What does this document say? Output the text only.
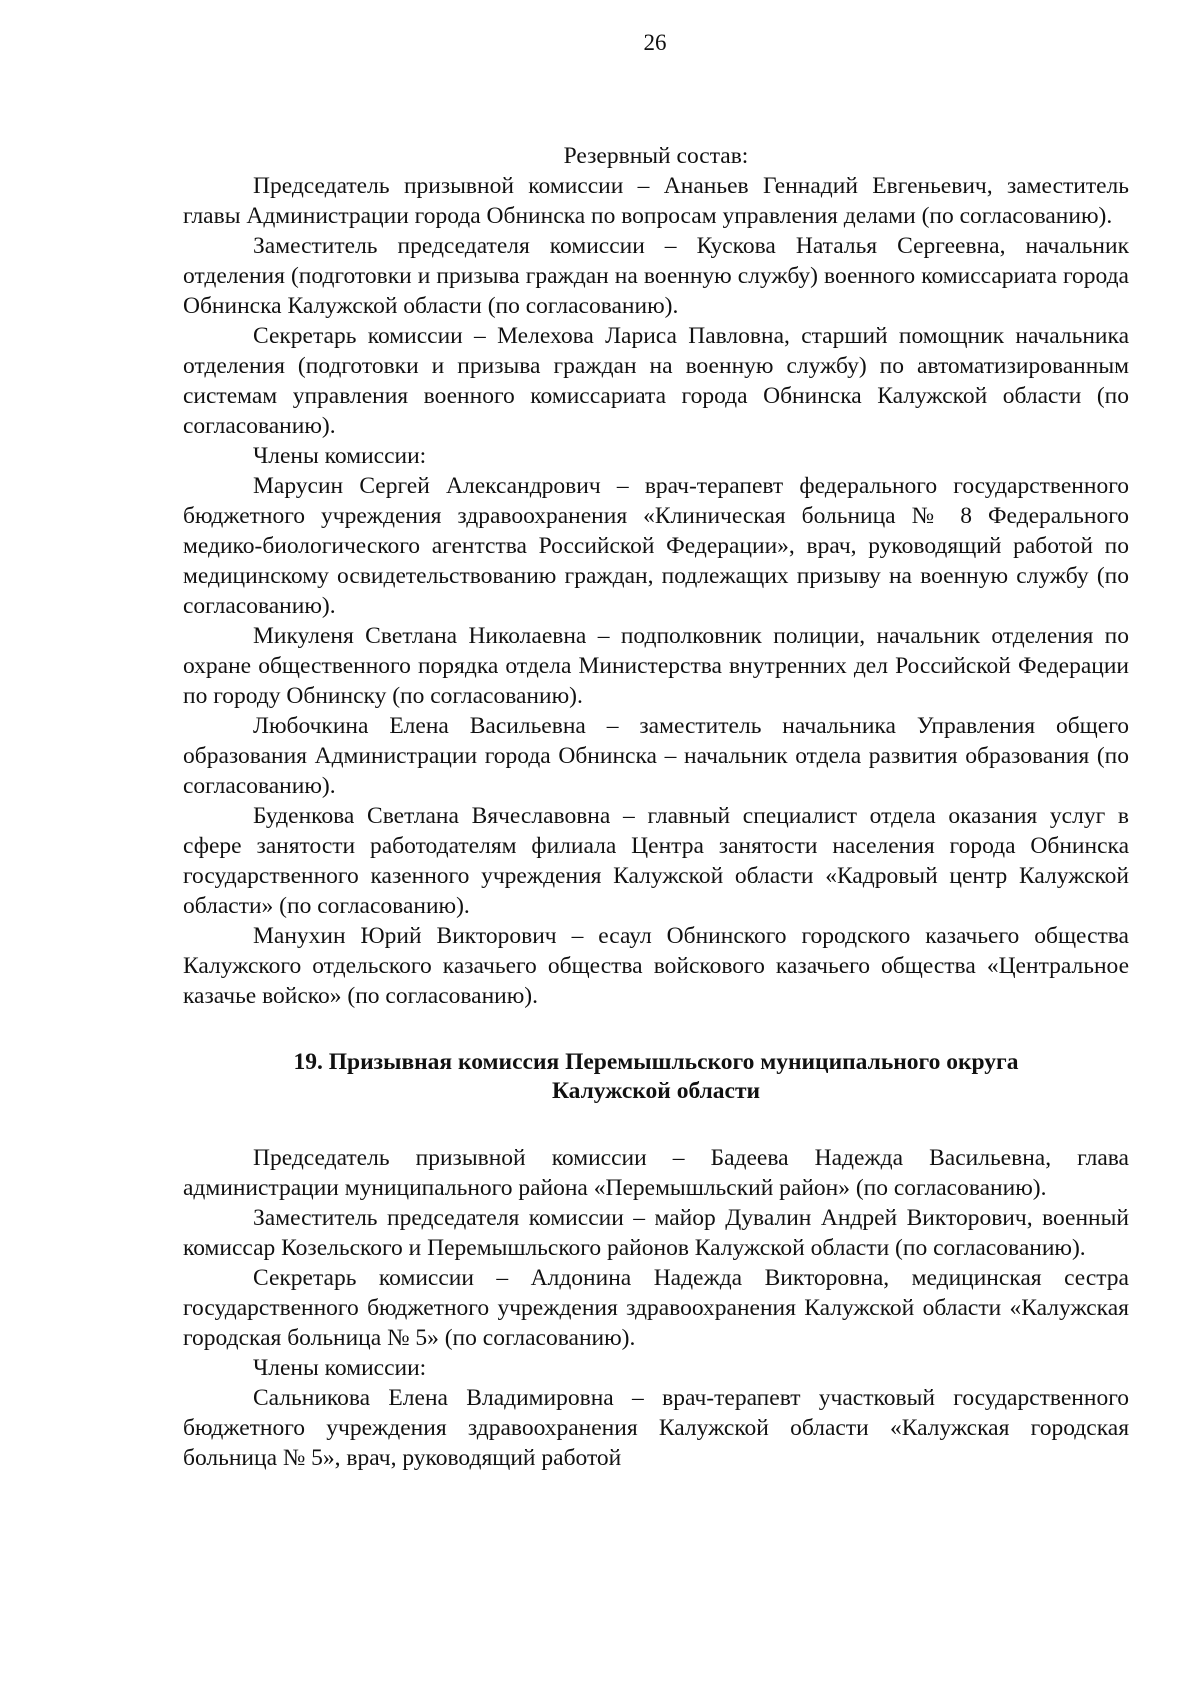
26

Резервный состав:

Председатель призывной комиссии – Ананьев Геннадий Евгеньевич, заместитель главы Администрации города Обнинска по вопросам управления делами (по согласованию).

Заместитель председателя комиссии – Кускова Наталья Сергеевна, начальник отделения (подготовки и призыва граждан на военную службу) военного комиссариата города Обнинска Калужской области (по согласованию).

Секретарь комиссии – Мелехова Лариса Павловна, старший помощник начальника отделения (подготовки и призыва граждан на военную службу) по автоматизированным системам управления военного комиссариата города Обнинска Калужской области (по согласованию).

Члены комиссии:

Марусин Сергей Александрович – врач-терапевт федерального государственного бюджетного учреждения здравоохранения «Клиническая больница № 8 Федерального медико-биологического агентства Российской Федерации», врач, руководящий работой по медицинскому освидетельствованию граждан, подлежащих призыву на военную службу (по согласованию).

Микуленя Светлана Николаевна – подполковник полиции, начальник отделения по охране общественного порядка отдела Министерства внутренних дел Российской Федерации по городу Обнинску (по согласованию).

Любочкина Елена Васильевна – заместитель начальника Управления общего образования Администрации города Обнинска – начальник отдела развития образования (по согласованию).

Буденкова Светлана Вячеславовна – главный специалист отдела оказания услуг в сфере занятости работодателям филиала Центра занятости населения города Обнинска государственного казенного учреждения Калужской области «Кадровый центр Калужской области» (по согласованию).

Манухин Юрий Викторович – есаул Обнинского городского казачьего общества Калужского отдельского казачьего общества войскового казачьего общества «Центральное казачье войско» (по согласованию).

19. Призывная комиссия Перемышльского муниципального округа
Калужской области

Председатель призывной комиссии – Бадеева Надежда Васильевна, глава администрации муниципального района «Перемышльский район» (по согласованию).

Заместитель председателя комиссии – майор Дувалин Андрей Викторович, военный комиссар Козельского и Перемышльского районов Калужской области (по согласованию).

Секретарь комиссии – Алдонина Надежда Викторовна, медицинская сестра государственного бюджетного учреждения здравоохранения Калужской области «Калужская городская больница № 5» (по согласованию).

Члены комиссии:

Сальникова Елена Владимировна – врач-терапевт участковый государственного бюджетного учреждения здравоохранения Калужской области «Калужская городская больница № 5», врач, руководящий работой
